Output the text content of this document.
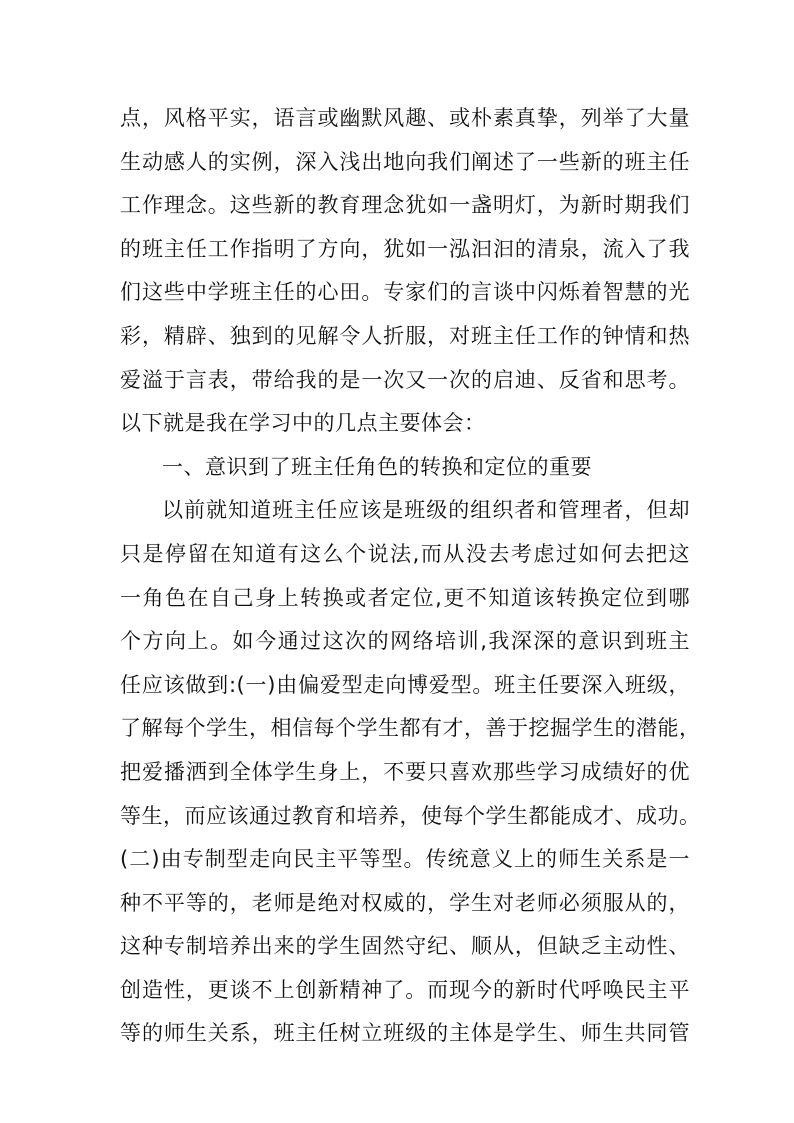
点，风格平实，语言或幽默风趣、或朴素真挚，列举了大量
生动感人的实例，深入浅出地向我们阐述了一些新的班主任
工作理念。这些新的教育理念犹如一盏明灯，为新时期我们
的班主任工作指明了方向，犹如一泓汩汩的清泉，流入了我
们这些中学班主任的心田。专家们的言谈中闪烁着智慧的光
彩，精辟、独到的见解令人折服，对班主任工作的钟情和热
爱溢于言表，带给我的是一次又一次的启迪、反省和思考。
以下就是我在学习中的几点主要体会：
一、意识到了班主任角色的转换和定位的重要
以前就知道班主任应该是班级的组织者和管理者，但却
只是停留在知道有这么个说法,而从没去考虑过如何去把这
一角色在自己身上转换或者定位,更不知道该转换定位到哪
个方向上。如今通过这次的网络培训,我深深的意识到班主
任应该做到:(一)由偏爱型走向博爱型。班主任要深入班级，
了解每个学生，相信每个学生都有才，善于挖掘学生的潜能，
把爱播洒到全体学生身上，不要只喜欢那些学习成绩好的优
等生，而应该通过教育和培养，使每个学生都能成才、成功。
(二)由专制型走向民主平等型。传统意义上的师生关系是一
种不平等的，老师是绝对权威的，学生对老师必须服从的，
这种专制培养出来的学生固然守纪、顺从，但缺乏主动性、
创造性，更谈不上创新精神了。而现今的新时代呼唤民主平
等的师生关系，班主任树立班级的主体是学生、师生共同管
